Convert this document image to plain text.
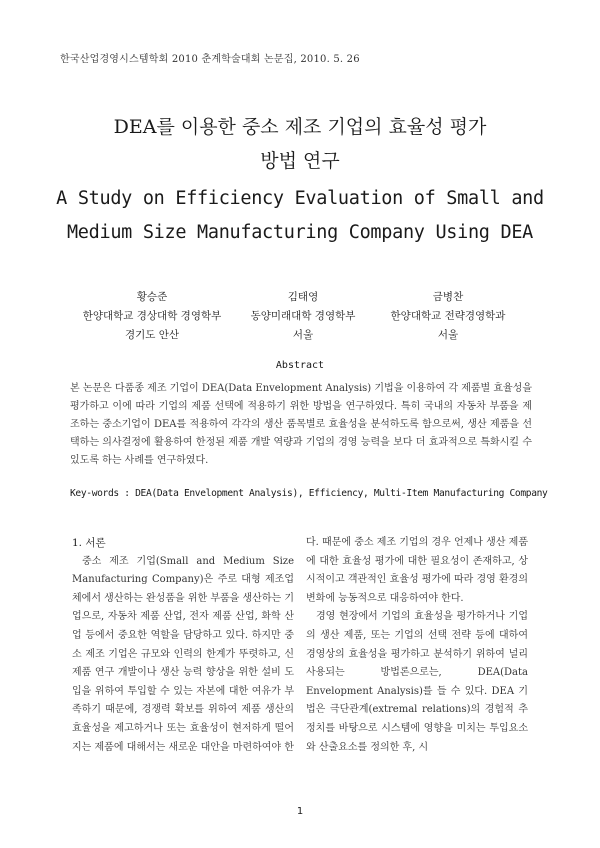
한국산업경영시스템학회 2010 춘계학술대회 논문집, 2010. 5. 26
DEA를 이용한 중소 제조 기업의 효율성 평가
방법 연구
A Study on Efficiency Evaluation of Small and
Medium Size Manufacturing Company Using DEA
황승준
한양대학교 경상대학 경영학부
경기도 안산
김태영
동양미래대학 경영학부
서울
금병찬
한양대학교 전략경영학과
서울
Abstract
본 논문은 다품종 제조 기업이 DEA(Data Envelopment Analysis) 기법을 이용하여 각 제품별 효율성을 평가하고 이에 따라 기업의 제품 선택에 적용하기 위한 방법을 연구하였다. 특히 국내의 자동차 부품을 제조하는 중소기업이 DEA를 적용하여 각각의 생산 품목별로 효율성을 분석하도록 함으로써, 생산 제품을 선택하는 의사결정에 활용하여 한정된 제품 개발 역량과 기업의 경영 능력을 보다 더 효과적으로 특화시킬 수 있도록 하는 사례를 연구하였다.
Key-words : DEA(Data Envelopment Analysis), Efficiency, Multi-Item Manufacturing Company
1. 서론

중소 제조 기업(Small and Medium Size Manufacturing Company)은 주로 대형 제조업체에서 생산하는 완성품을 위한 부품을 생산하는 기업으로, 자동차 제품 산업, 전자 제품 산업, 화학 산업 등에서 중요한 역할을 담당하고 있다. 하지만 중소 제조 기업은 규모와 인력의 한계가 뚜렷하고, 신제품 연구 개발이나 생산 능력 향상을 위한 설비 도입을 위하여 투입할 수 있는 자본에 대한 여유가 부족하기 때문에, 경쟁력 확보를 위하여 제품 생산의 효율성을 제고하거나 또는 효율성이 현저하게 떨어지는 제품에 대해서는 새로운 대안을 마련하여야 한

다. 때문에 중소 제조 기업의 경우 언제나 생산 제품에 대한 효율성 평가에 대한 필요성이 존재하고, 상시적이고 객관적인 효율성 평가에 따라 경영 환경의 변화에 능동적으로 대응하여야 한다.

경영 현장에서 기업의 효율성을 평가하거나 기업의 생산 제품, 또는 기업의 선택 전략 등에 대하여 경영상의 효율성을 평가하고 분석하기 위하여 널리 사용되는 방법론으로는, DEA(Data Envelopment Analysis)를 들 수 있다. DEA 기법은 극단관계(extremal relations)의 경험적 추정치를 바탕으로 시스템에 영향을 미치는 투입요소와 산출요소를 정의한 후, 시

1
